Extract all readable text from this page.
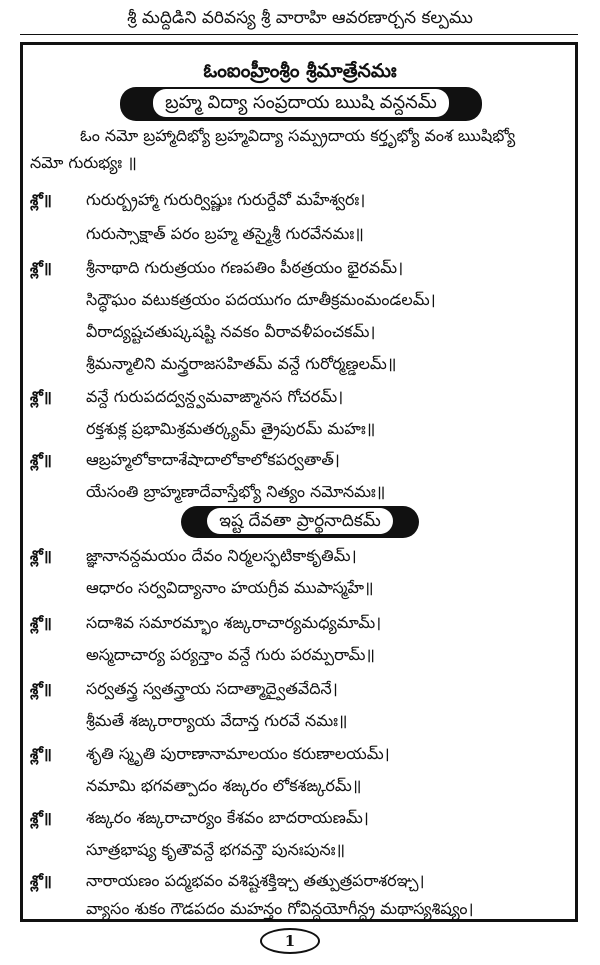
శ్రీ మద్దిడిని వరివస్య శ్రీ వారాహి ఆవరణార్చన కల్పము
ఓంఐంహ్రీంశ్రీం శ్రీమాత్రేనమః
బ్రహ్మ విద్యా సంప్రదాయ ఋషి వన్దనమ్
ఓం నమో బ్రహ్మాదిభ్యో బ్రహ్మవిద్యా సమ్ప్రదాయ కర్తృభ్యో వంశ ఋషిభ్యో
నమో గురుభ్యః ॥
శ్లో॥ గురుర్బ్రహ్మా గురుర్విష్ణుః గురుర్దేవో మహేశ్వరః।
గురుస్సాక్షాత్ పరం బ్రహ్మ తస్మైశ్రీ గురవేనమః॥
శ్లో॥ శ్రీనాథాది గురుత్రయం గణపతిం పీఠత్రయం భైరవమ్।
సిద్ధౌఘం వటుకత్రయం పదయుగం దూతీక్రమంమండలమ్।
వీరాద్యష్టచతుష్కషష్టి నవకం వీరావళీపంచకమ్।
శ్రీమన్మాలిని మన్త్రరాజసహితమ్ వన్దే గురోర్మణ్డలమ్॥
శ్లో॥ వన్దే గురుపదద్వన్ద్వమవాఙ్మానస గోచరమ్।
రక్తశుక్ల ప్రభామిశ్రమతర్క్యమ్ త్రైపురమ్ మహః॥
శ్లో॥ ఆబ్రహ్మలోకాదాశేషాదాలోకాలోకపర్వతాత్।
యేసంతి బ్రాహ్మణాదేవాస్తేభ్యో నిత్యం నమోనమః॥
ఇష్ట దేవతా ప్రార్థనాదికమ్
శ్లో॥ జ్ఞానానన్దమయం దేవం నిర్మలస్ఫటికాకృతిమ్।
ఆధారం సర్వవిద్యానాం హయగ్రీవ ముపాస్మహే॥
శ్లో॥ సదాశివ సమారమ్భాం శఙ్కరాచార్యమధ్యమామ్।
అస్మదాచార్య పర్యన్తాం వన్దే గురు పరమ్పరామ్॥
శ్లో॥ సర్వతన్త్ర స్వతన్త్రాయ సదాత్మాద్వైతవేదినే।
శ్రీమతే శఙ్కరార్యాయ వేదాన్త గురవే నమః॥
శ్లో॥ శృతి స్మృతి పురాణానామాలయం కరుణాలయమ్।
నమామి భగవత్పాదం శఙ్కరం లోకశఙ్కరమ్॥
శ్లో॥ శఙ్కరం శఙ్కరాచార్యం కేశవం బాదరాయణమ్।
సూత్రభాష్య కృతౌవన్దే భగవన్తౌ పునఃపునః॥
శ్లో॥ నారాయణం పద్మభవం వశిష్టశక్తిఞ్చ తత్పుత్రపరాశరఞ్చ।
వ్యాసం శుకం గౌడపదం మహన్తం గోవిన్దయోగీన్ద్ర మథాస్యశిష్యం।
1
